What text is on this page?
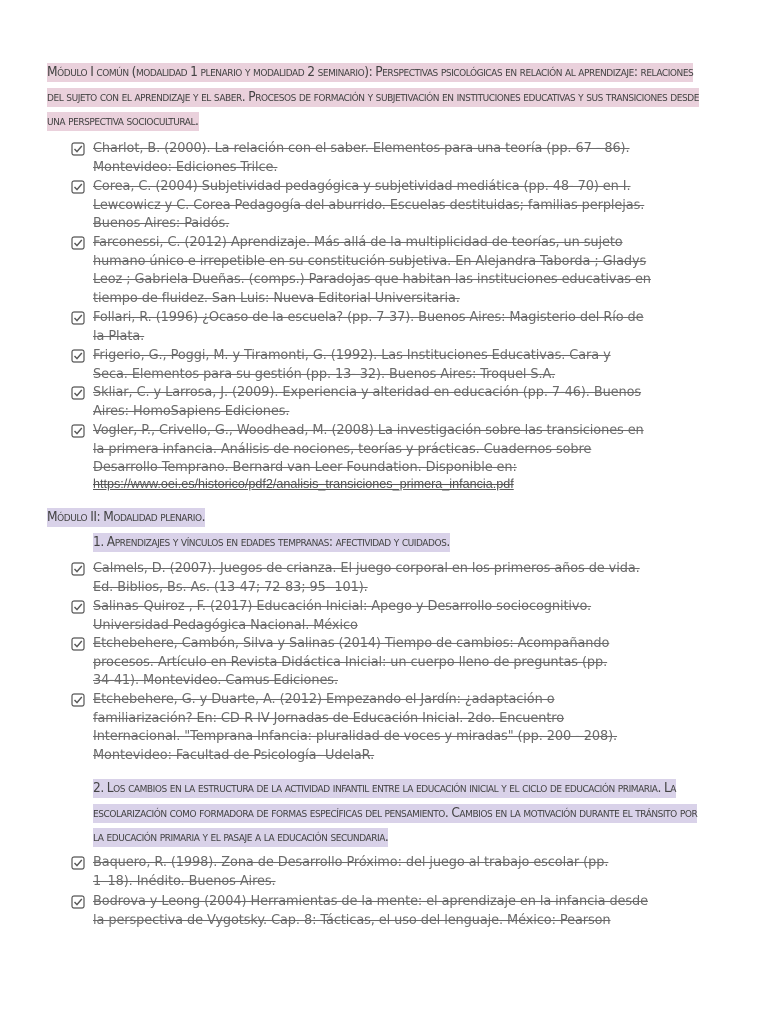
Módulo I común (modalidad 1 plenario y modalidad 2 seminario): Perspectivas psicológicas en relación al aprendizaje: relaciones
del sujeto con el aprendizaje y el saber. Procesos de formación y subjetivación en instituciones educativas y sus transiciones desde
una perspectiva sociocultural.
Charlot, B. (2000). La relación con el saber. Elementos para una teoría (pp. 67 - 86).
Montevideo: Ediciones Trilce.
Corea, C. (2004) Subjetividad pedagógica y subjetividad mediática (pp. 48- 70) en I.
Lewcowicz y C. Corea Pedagogía del aburrido. Escuelas destituidas; familias perplejas.
Buenos Aires: Paidós.
Farconessi, C. (2012) Aprendizaje. Más allá de la multiplicidad de teorías, un sujeto
humano único e irrepetible en su constitución subjetiva. En Alejandra Taborda ; Gladys
Leoz ; Gabriela Dueñas. (comps.) Paradojas que habitan las instituciones educativas en
tiempo de fluidez. San Luis: Nueva Editorial Universitaria.
Follari, R. (1996) ¿Ocaso de la escuela? (pp. 7-37). Buenos Aires: Magisterio del Río de
la Plata.
Frigerio, G., Poggi, M. y Tiramonti, G. (1992). Las Instituciones Educativas. Cara y
Seca. Elementos para su gestión (pp. 13- 32). Buenos Aires: Troquel S.A.
Skliar, C. y Larrosa, J. (2009). Experiencia y alteridad en educación (pp. 7-46). Buenos
Aires: HomoSapiens Ediciones.
Vogler, P., Crivello, G., Woodhead, M. (2008) La investigación sobre las transiciones en
la primera infancia. Análisis de nociones, teorías y prácticas. Cuadernos sobre
Desarrollo Temprano. Bernard van Leer Foundation. Disponible en:
https://www.oei.es/historico/pdf2/analisis_transiciones_primera_infancia.pdf
Módulo II: Modalidad plenario.
1. Aprendizajes y vínculos en edades tempranas: afectividad y cuidados.
Calmels, D. (2007). Juegos de crianza. El juego corporal en los primeros años de vida.
Ed. Biblios, Bs. As. (13-47; 72-83; 95- 101).
Salinas-Quiroz , F. (2017) Educación Inicial: Apego y Desarrollo sociocognitivo.
Universidad Pedagógica Nacional. México
Etchebehere, Cambón, Silva y Salinas (2014) Tiempo de cambios: Acompañando
procesos. Artículo en Revista Didáctica Inicial: un cuerpo lleno de preguntas (pp.
34-41). Montevideo. Camus Ediciones.
Etchebehere, G. y Duarte, A. (2012) Empezando el Jardín: ¿adaptación o
familiarización? En: CD-R IV Jornadas de Educación Inicial. 2do. Encuentro
Internacional. "Temprana Infancia: pluralidad de voces y miradas" (pp. 200 - 208).
Montevideo: Facultad de Psicología- UdelaR.
2. Los cambios en la estructura de la actividad infantil entre la educación inicial y el ciclo de educación primaria. La
escolarización como formadora de formas específicas del pensamiento. Cambios en la motivación durante el tránsito por
la educación primaria y el pasaje a la educación secundaria.
Baquero, R. (1998). Zona de Desarrollo Próximo: del juego al trabajo escolar (pp.
1–18). Inédito. Buenos Aires.
Bodrova y Leong (2004) Herramientas de la mente: el aprendizaje en la infancia desde
la perspectiva de Vygotsky. Cap. 8: Tácticas, el uso del lenguaje. México: Pearson
